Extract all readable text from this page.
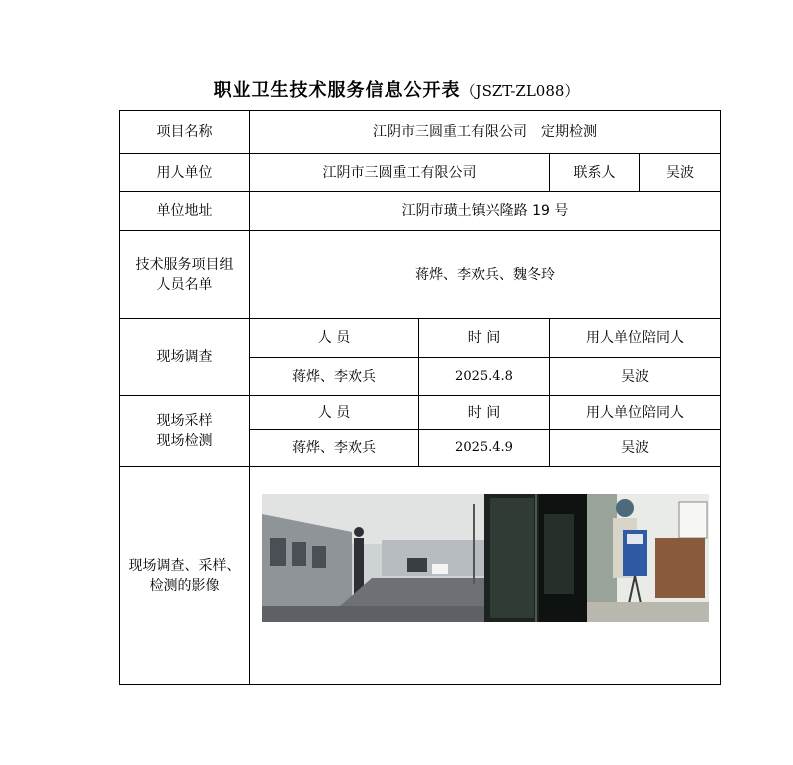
职业卫生技术服务信息公开表（JSZT-ZL088）
项目名称	江阴市三圆重工有限公司　定期检测			
用人单位	江阴市三圆重工有限公司		联系人	吴波
单位地址	江阴市璜土镇兴隆路 19 号			
技术服务项目组人员名单	蒋烨、李欢兵、魏冬玲			
现场调查	人 员	时 间	用人单位陪同人	
	蒋烨、李欢兵	2025.4.8	吴波	

现场采样
现场检测	人 员	时 间	用人单位陪同人	
	蒋烨、李欢兵	2025.4.9	吴波	
现场调查、采样、检测的影像	
